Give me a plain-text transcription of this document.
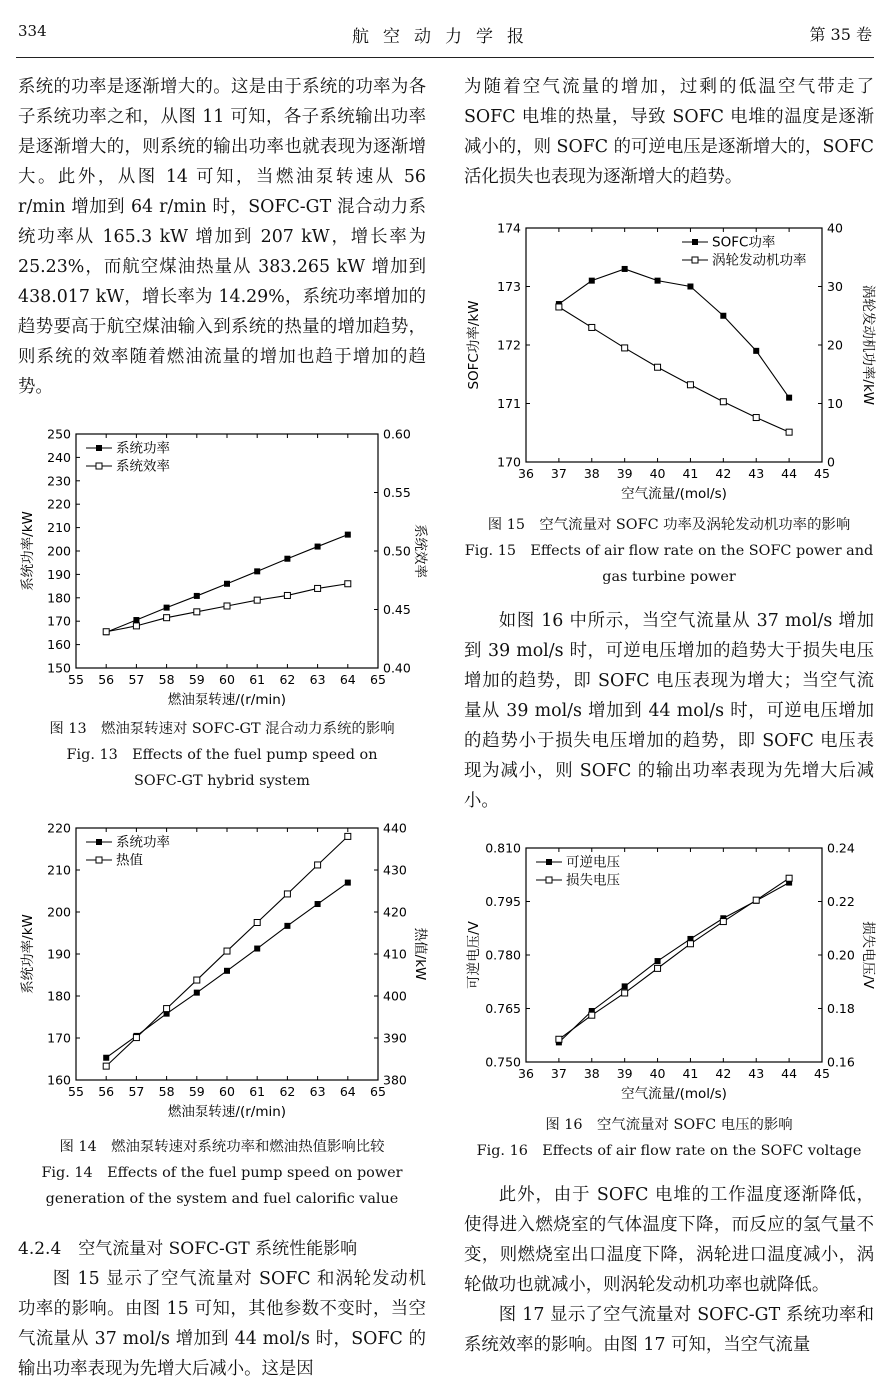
334	航空动力学报	第 35 卷

系统的功率是逐渐增大的。这是由于系统的功率为各子系统功率之和，从图 11 可知，各子系统输出功率是逐渐增大的，则系统的输出功率也就表现为逐渐增大。此外，从图 14 可知，当燃油泵转速从 56 r/min 增加到 64 r/min 时，SOFC-GT 混合动力系统功率从 165.3 kW 增加到 207 kW，增长率为 25.23%，而航空煤油热量从 383.265 kW 增加到 438.017 kW，增长率为 14.29%，系统功率增加的趋势要高于航空煤油输入到系统的热量的增加趋势，则系统的效率随着燃油流量的增加也趋于增加的趋势。

55 56 57 58 59 60 61 62 63 64 65
150
160
170
180
190
200
210
220
230
240
250
0.40
0.45
0.50
0.55
0.60
燃油泵转速/(r/min)
系统功率/kW	系统效率
系统功率
系统效率

图 13　燃油泵转速对 SOFC-GT 混合动力系统的影响

Fig. 13　Effects of the fuel pump speed on SOFC-GT hybrid system

55 56 57 58 59 60 61 62 63 64 65
160
170
180
190
200
210
220
380
390
400
410
420
430
440
燃油泵转速/(r/min)
系统功率/kW	热值/kW
系统功率
热值

图 14　燃油泵转速对系统功率和燃油热值影响比较

Fig. 14　Effects of the fuel pump speed on power generation of the system and fuel calorific value

4.2.4　空气流量对 SOFC-GT 系统性能影响

图 15 显示了空气流量对 SOFC 和涡轮发动机功率的影响。由图 15 可知，其他参数不变时，当空气流量从 37 mol/s 增加到 44 mol/s 时，SOFC 的输出功率表现为先增大后减小。这是因

为随着空气流量的增加，过剩的低温空气带走了 SOFC 电堆的热量，导致 SOFC 电堆的温度是逐渐减小的，则 SOFC 的可逆电压是逐渐增大的，SOFC 活化损失也表现为逐渐增大的趋势。

36 37 38 39 40 41 42 43 44 45
170
171
172
173
174
0
10
20
30
40
空气流量/(mol/s)
SOFC功率/kW	涡轮发动机功率/kW
SOFC功率
涡轮发动机功率

图 15　空气流量对 SOFC 功率及涡轮发动机功率的影响

Fig. 15　Effects of air flow rate on the SOFC power and gas turbine power

如图 16 中所示，当空气流量从 37 mol/s 增加到 39 mol/s 时，可逆电压增加的趋势大于损失电压增加的趋势，即 SOFC 电压表现为增大；当空气流量从 39 mol/s 增加到 44 mol/s 时，可逆电压增加的趋势小于损失电压增加的趋势，即 SOFC 电压表现为减小，则 SOFC 的输出功率表现为先增大后减小。

36 37 38 39 40 41 42 43 44 45
0.750
0.765
0.780
0.795
0.810
0.16
0.18
0.20
0.22
0.24
空气流量/(mol/s)
可逆电压/V	损失电压/V
可逆电压
损失电压

图 16　空气流量对 SOFC 电压的影响

Fig. 16　Effects of air flow rate on the SOFC voltage

此外，由于 SOFC 电堆的工作温度逐渐降低，使得进入燃烧室的气体温度下降，而反应的氢气量不变，则燃烧室出口温度下降，涡轮进口温度减小，涡轮做功也就减小，则涡轮发动机功率也就降低。

图 17 显示了空气流量对 SOFC-GT 系统功率和系统效率的影响。由图 17 可知，当空气流量
